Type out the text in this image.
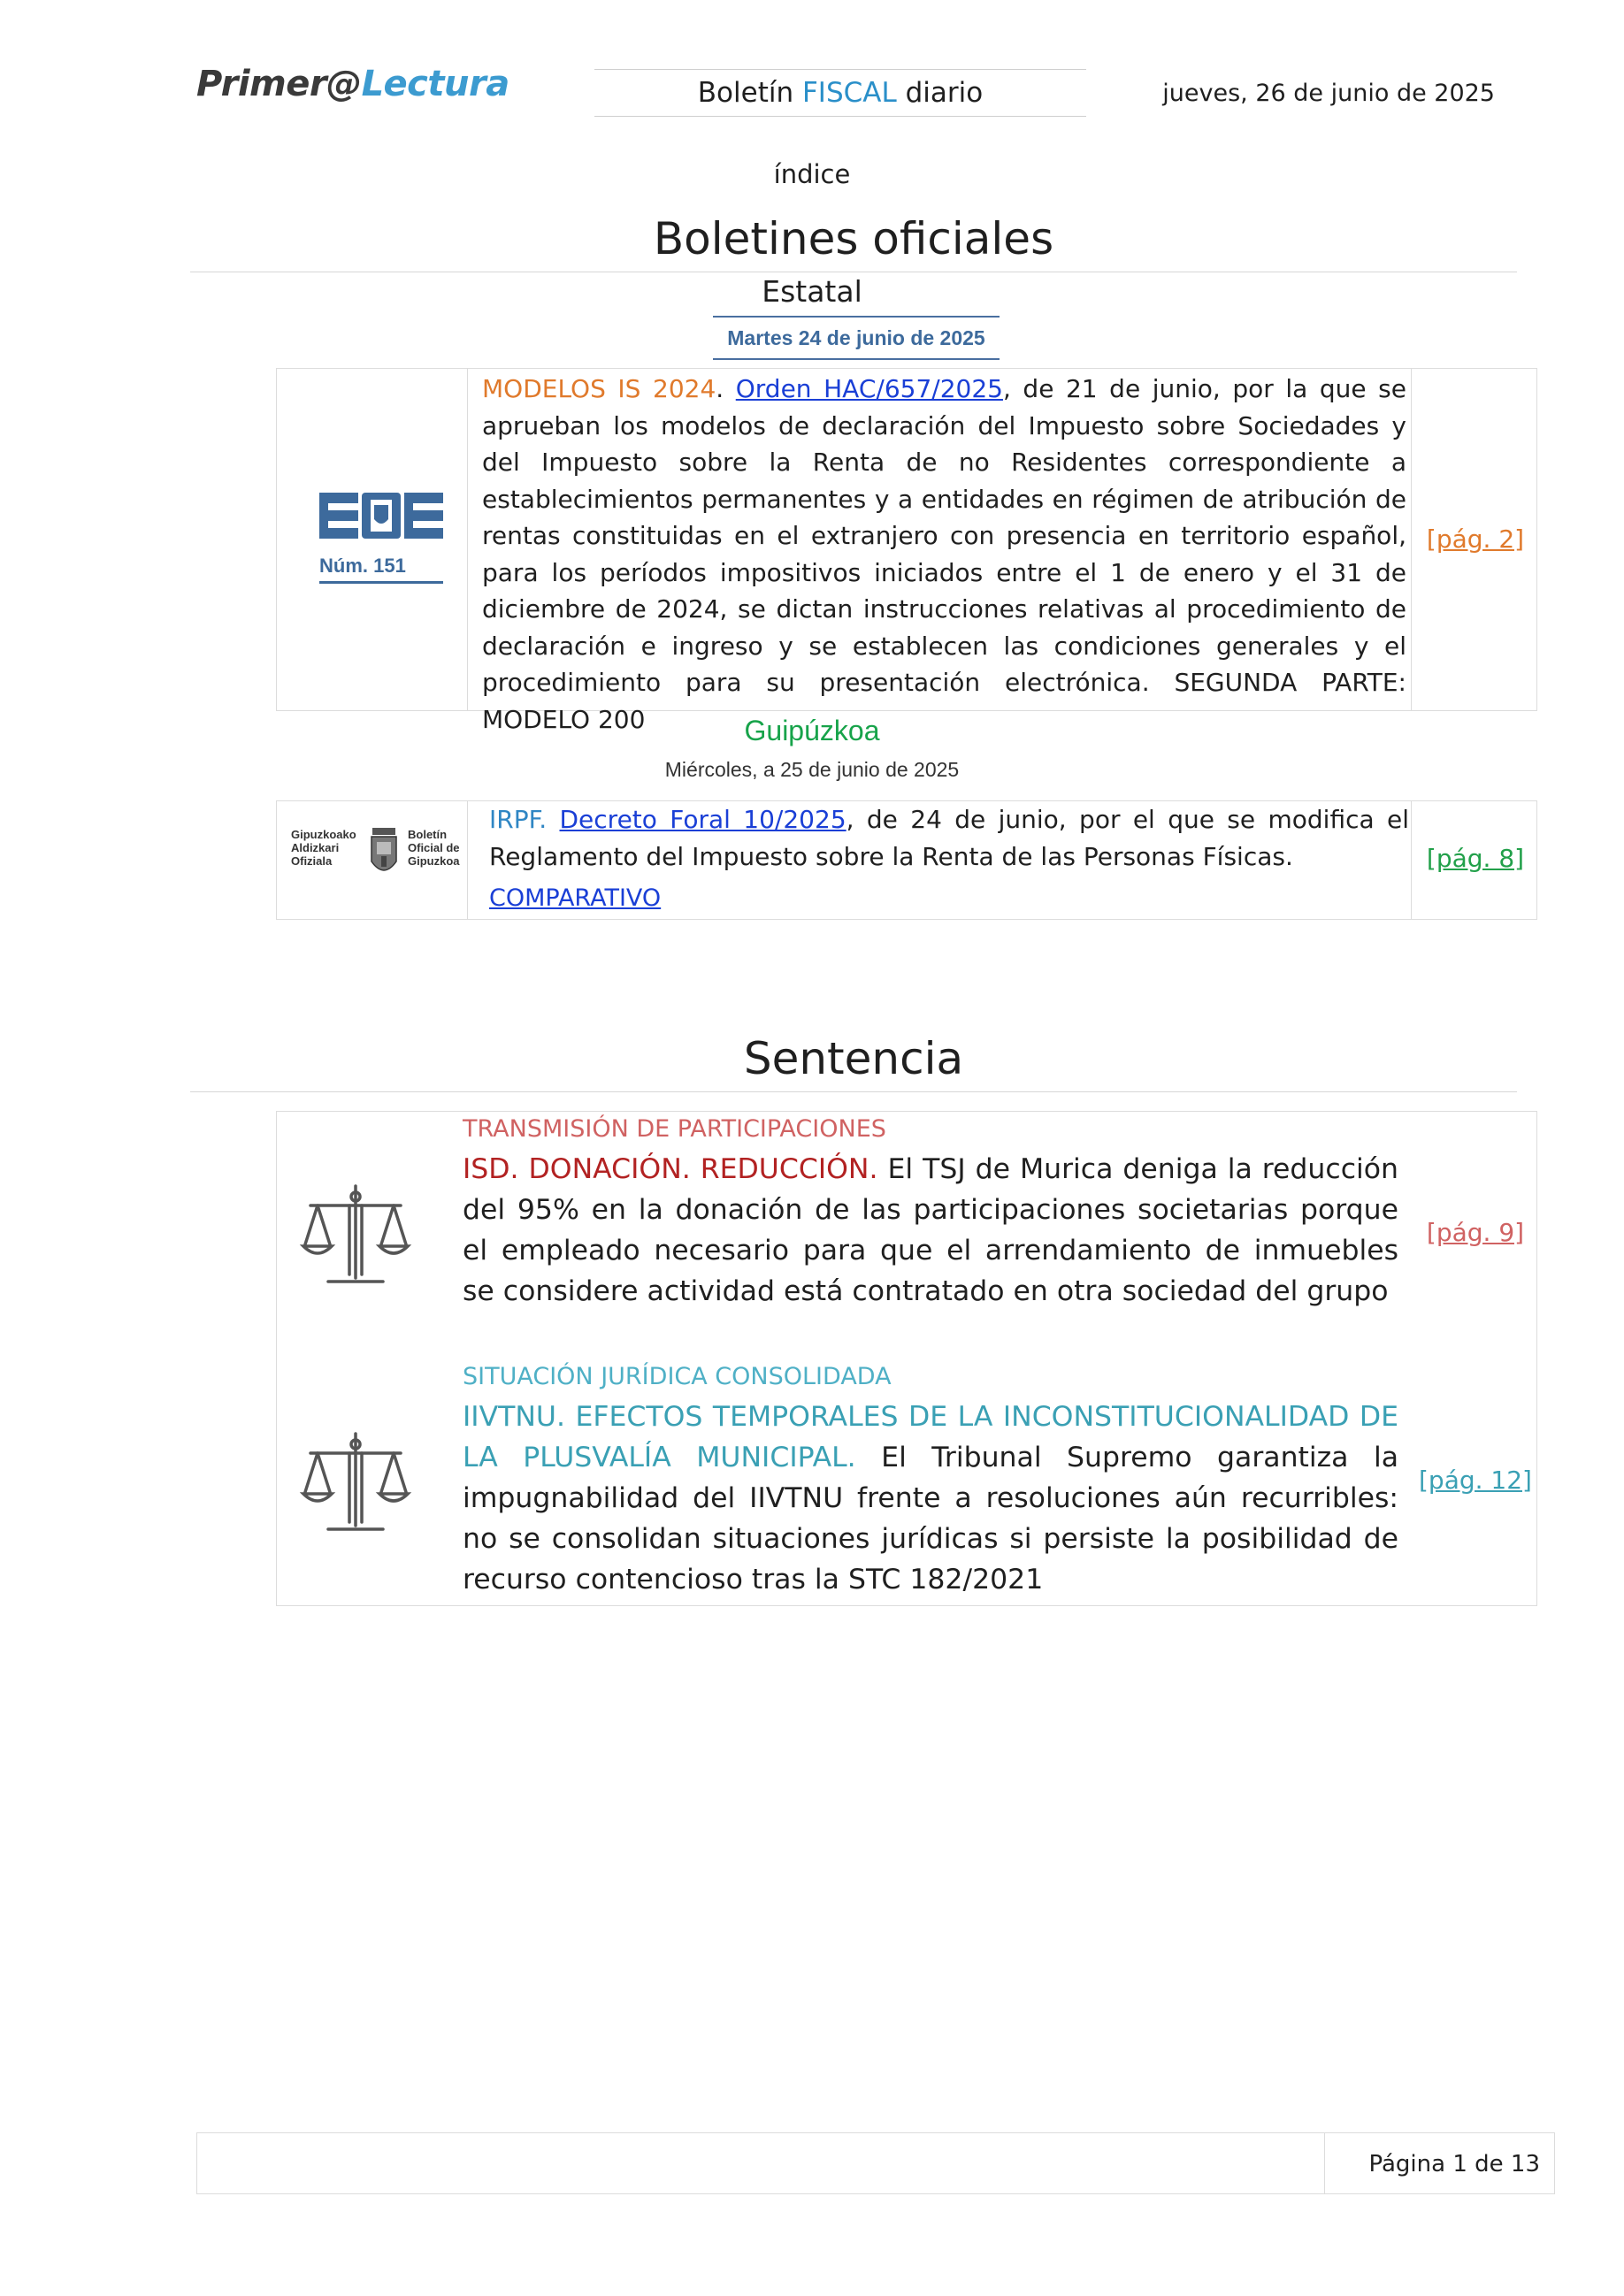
Primer@Lectura	Boletín FISCAL diario	jueves, 26 de junio de 2025
índice
Boletines oficiales
Estatal
Martes 24 de junio de 2025
Núm. 151
MODELOS IS 2024. Orden HAC/657/2025, de 21 de junio, por la que se aprueban los modelos de declaración del Impuesto sobre Sociedades y del Impuesto sobre la Renta de no Residentes correspondiente a establecimientos permanentes y a entidades en régimen de atribución de rentas constituidas en el extranjero con presencia en territorio español, para los períodos impositivos iniciados entre el 1 de enero y el 31 de diciembre de 2024, se dictan instrucciones relativas al procedimiento de declaración e ingreso y se establecen las condiciones generales y el procedimiento para su presentación electrónica. SEGUNDA PARTE: MODELO 200
[pág. 2]
Guipúzkoa
Miércoles, a 25 de junio de 2025
Gipuzkoako Aldizkari Ofiziala
Boletín Oficial de Gipuzkoa
IRPF. Decreto Foral 10/2025, de 24 de junio, por el que se modifica el Reglamento del Impuesto sobre la Renta de las Personas Físicas.
COMPARATIVO
[pág. 8]
Sentencia
TRANSMISIÓN DE PARTICIPACIONES
ISD. DONACIÓN. REDUCCIÓN. El TSJ de Murica deniga la reducción del 95% en la donación de las participaciones societarias porque el empleado necesario para que el arrendamiento de inmuebles se considere actividad está contratado en otra sociedad del grupo
[pág. 9]
SITUACIÓN JURÍDICA CONSOLIDADA
IIVTNU. EFECTOS TEMPORALES DE LA INCONSTITUCIONALIDAD DE LA PLUSVALÍA MUNICIPAL. El Tribunal Supremo garantiza la impugnabilidad del IIVTNU frente a resoluciones aún recurribles: no se consolidan situaciones jurídicas si persiste la posibilidad de recurso contencioso tras la STC 182/2021
[pág. 12]
Página 1 de 13
